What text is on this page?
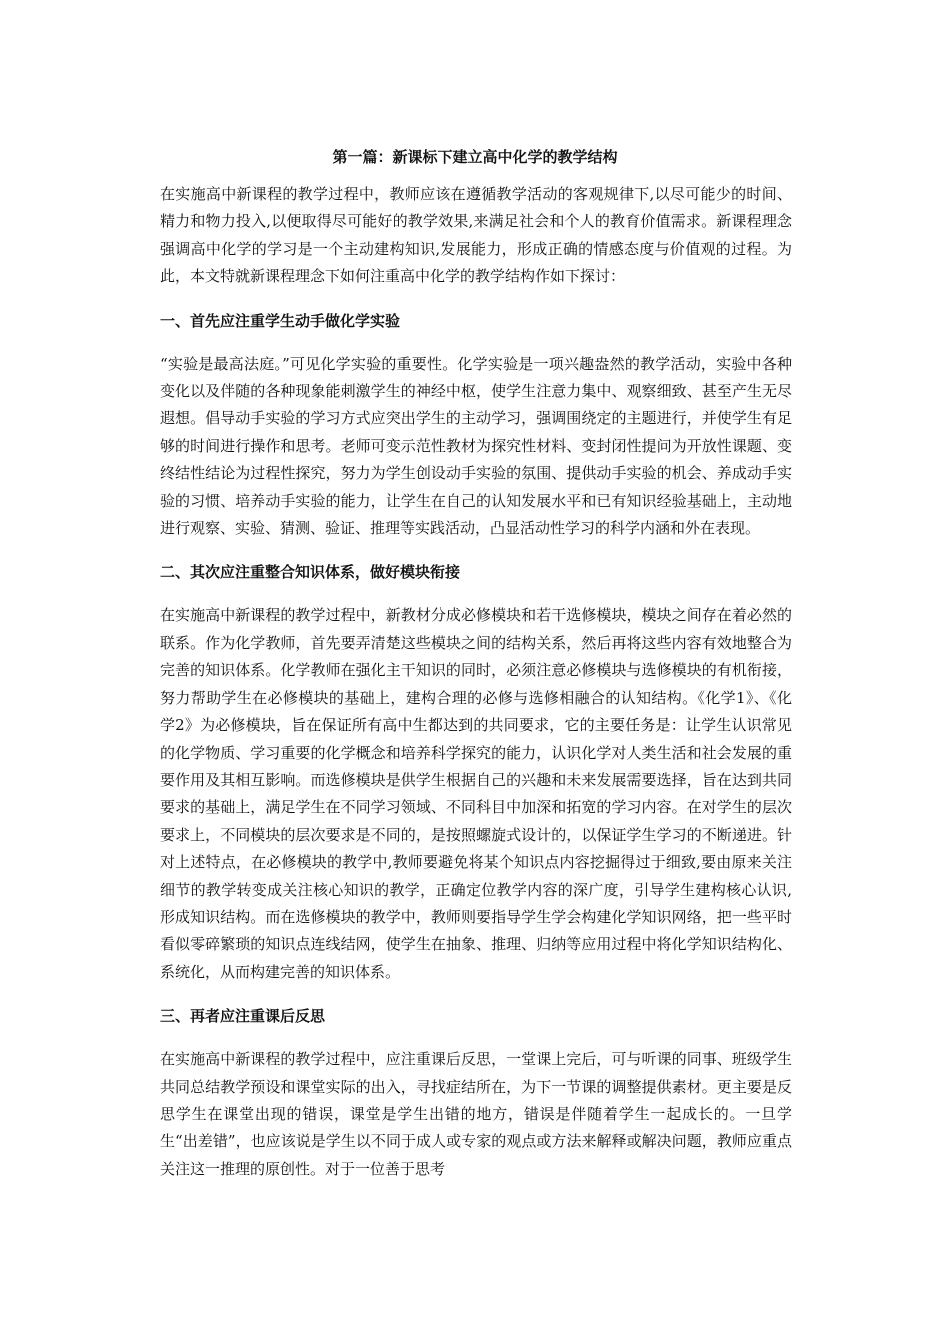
第一篇：新课标下建立高中化学的教学结构

在实施高中新课程的教学过程中，教师应该在遵循教学活动的客观规律下,以尽可能少的时间、精力和物力投入,以便取得尽可能好的教学效果,来满足社会和个人的教育价值需求。新课程理念强调高中化学的学习是一个主动建构知识,发展能力，形成正确的情感态度与价值观的过程。为此，本文特就新课程理念下如何注重高中化学的教学结构作如下探讨：

一、首先应注重学生动手做化学实验

“实验是最高法庭。”可见化学实验的重要性。化学实验是一项兴趣盎然的教学活动，实验中各种变化以及伴随的各种现象能刺激学生的神经中枢，使学生注意力集中、观察细致、甚至产生无尽遐想。倡导动手实验的学习方式应突出学生的主动学习，强调围绕定的主题进行，并使学生有足够的时间进行操作和思考。老师可变示范性教材为探究性材料、变封闭性提问为开放性课题、变终结性结论为过程性探究，努力为学生创设动手实验的氛围、提供动手实验的机会、养成动手实验的习惯、培养动手实验的能力，让学生在自己的认知发展水平和已有知识经验基础上，主动地进行观察、实验、猜测、验证、推理等实践活动，凸显活动性学习的科学内涵和外在表现。

二、其次应注重整合知识体系，做好模块衔接

在实施高中新课程的教学过程中，新教材分成必修模块和若干选修模块，模块之间存在着必然的联系。作为化学教师，首先要弄清楚这些模块之间的结构关系，然后再将这些内容有效地整合为完善的知识体系。化学教师在强化主干知识的同时，必须注意必修模块与选修模块的有机衔接，努力帮助学生在必修模块的基础上，建构合理的必修与选修相融合的认知结构。《化学1》、《化学2》为必修模块，旨在保证所有高中生都达到的共同要求，它的主要任务是：让学生认识常见的化学物质、学习重要的化学概念和培养科学探究的能力，认识化学对人类生活和社会发展的重要作用及其相互影响。而选修模块是供学生根据自己的兴趣和未来发展需要选择，旨在达到共同要求的基础上，满足学生在不同学习领域、不同科目中加深和拓宽的学习内容。在对学生的层次要求上，不同模块的层次要求是不同的，是按照螺旋式设计的，以保证学生学习的不断递进。针对上述特点，在必修模块的教学中,教师要避免将某个知识点内容挖掘得过于细致,要由原来关注细节的教学转变成关注核心知识的教学，正确定位教学内容的深广度，引导学生建构核心认识,形成知识结构。而在选修模块的教学中，教师则要指导学生学会构建化学知识网络，把一些平时看似零碎繁琐的知识点连线结网，使学生在抽象、推理、归纳等应用过程中将化学知识结构化、系统化，从而构建完善的知识体系。

三、再者应注重课后反思

在实施高中新课程的教学过程中，应注重课后反思，一堂课上完后，可与听课的同事、班级学生共同总结教学预设和课堂实际的出入，寻找症结所在，为下一节课的调整提供素材。更主要是反思学生在课堂出现的错误，课堂是学生出错的地方，错误是伴随着学生一起成长的。一旦学生“出差错”，也应该说是学生以不同于成人或专家的观点或方法来解释或解决问题，教师应重点关注这一推理的原创性。对于一位善于思考
